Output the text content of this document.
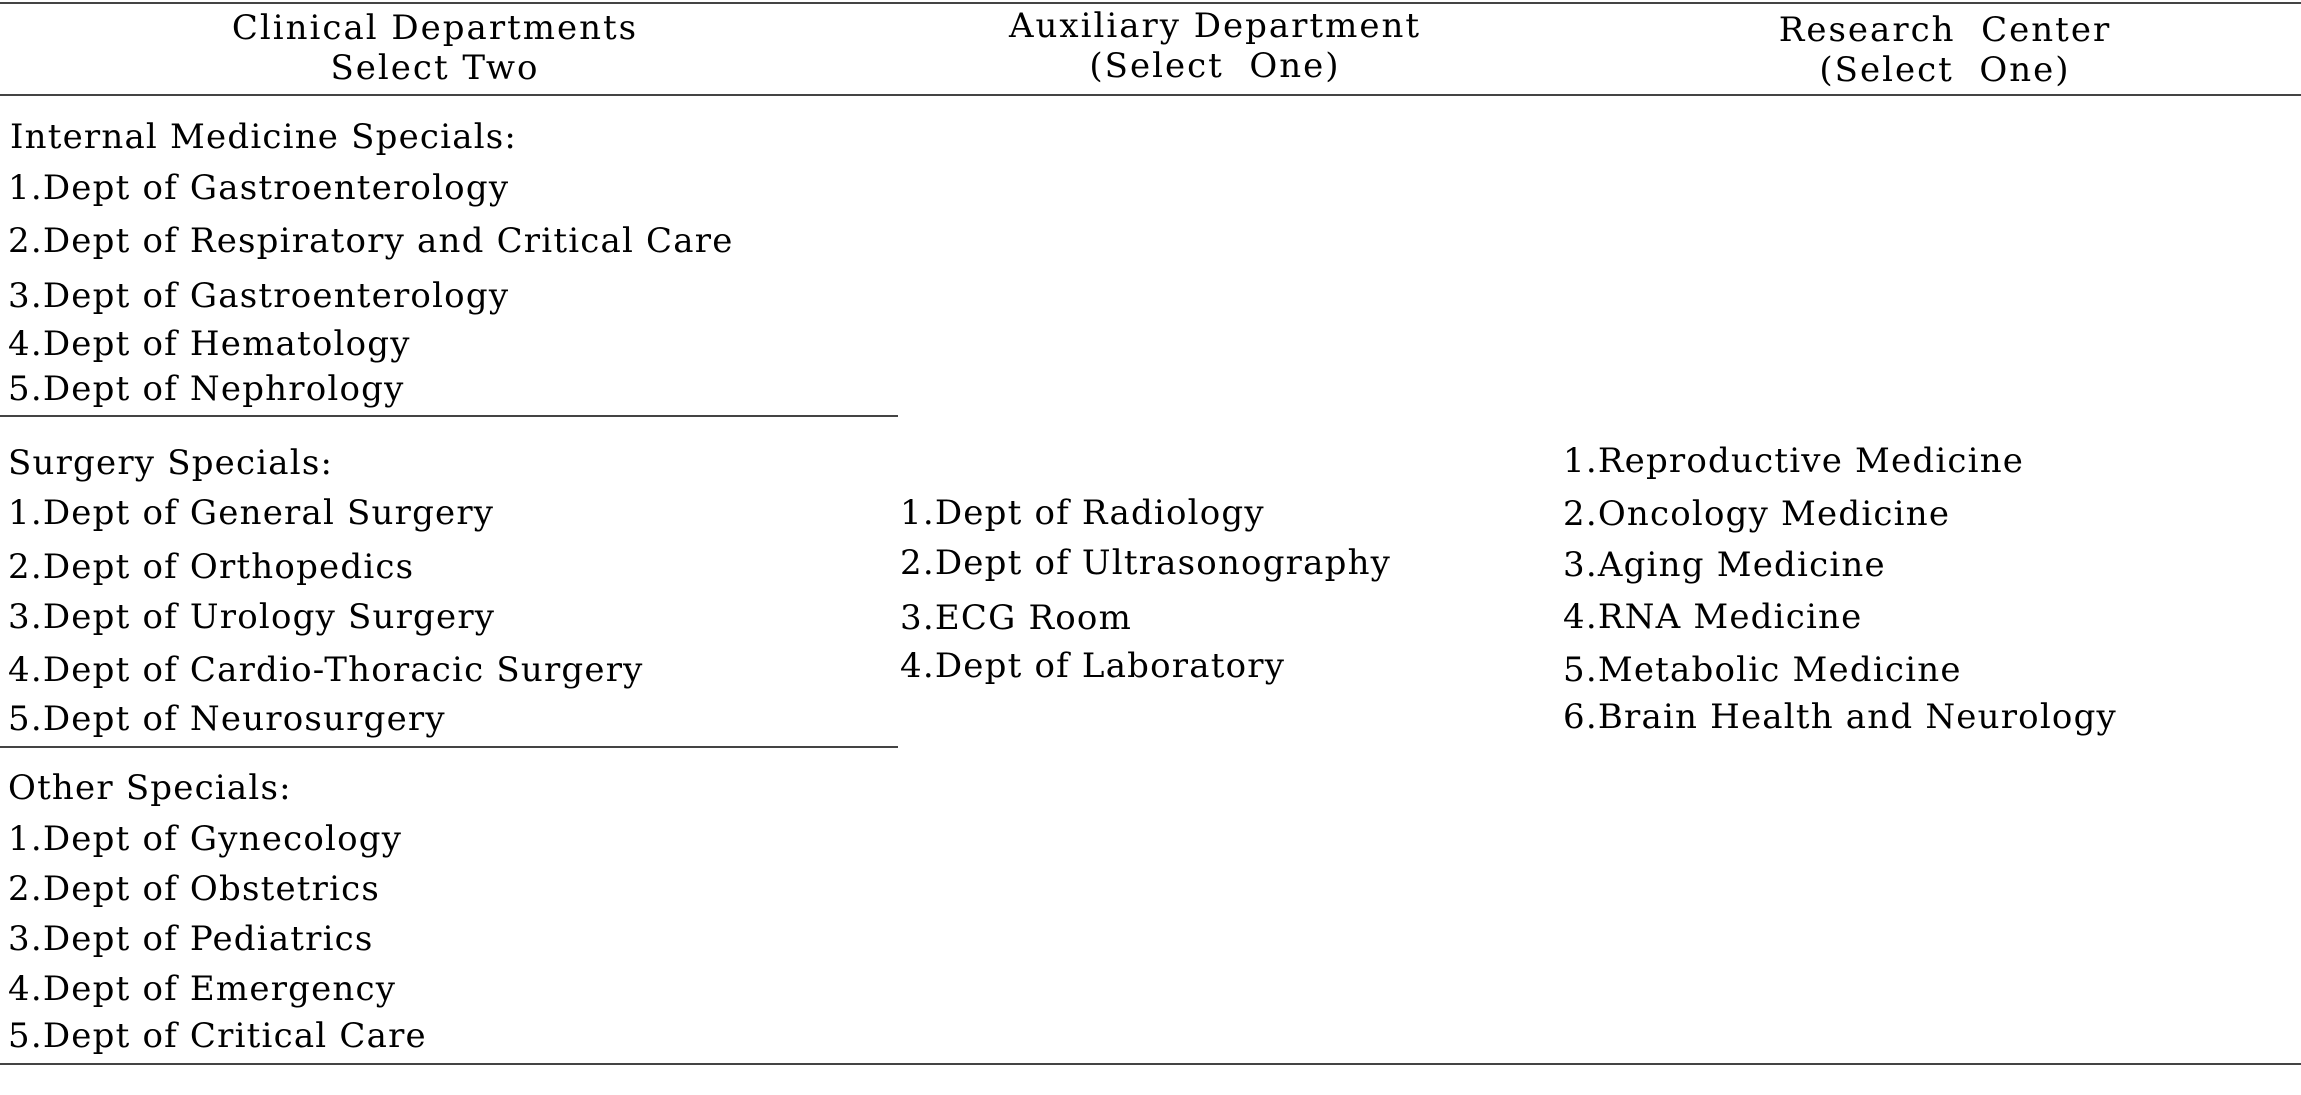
Clinical Departments
Select Two
Auxiliary Department
(Select  One)
Research  Center
(Select  One)
Internal Medicine Specials:
1.Dept of Gastroenterology
2.Dept of Respiratory and Critical Care
3.Dept of Gastroenterology
4.Dept of Hematology
5.Dept of Nephrology
Surgery Specials:
1.Dept of General Surgery
2.Dept of Orthopedics
3.Dept of Urology Surgery
4.Dept of Cardio-Thoracic Surgery
5.Dept of Neurosurgery
Other Specials:
1.Dept of Gynecology
2.Dept of Obstetrics
3.Dept of Pediatrics
4.Dept of Emergency
5.Dept of Critical Care
1.Dept of Radiology
2.Dept of Ultrasonography
3.ECG Room
4.Dept of Laboratory
1.Reproductive Medicine
2.Oncology Medicine
3.Aging Medicine
4.RNA Medicine
5.Metabolic Medicine
6.Brain Health and Neurology
